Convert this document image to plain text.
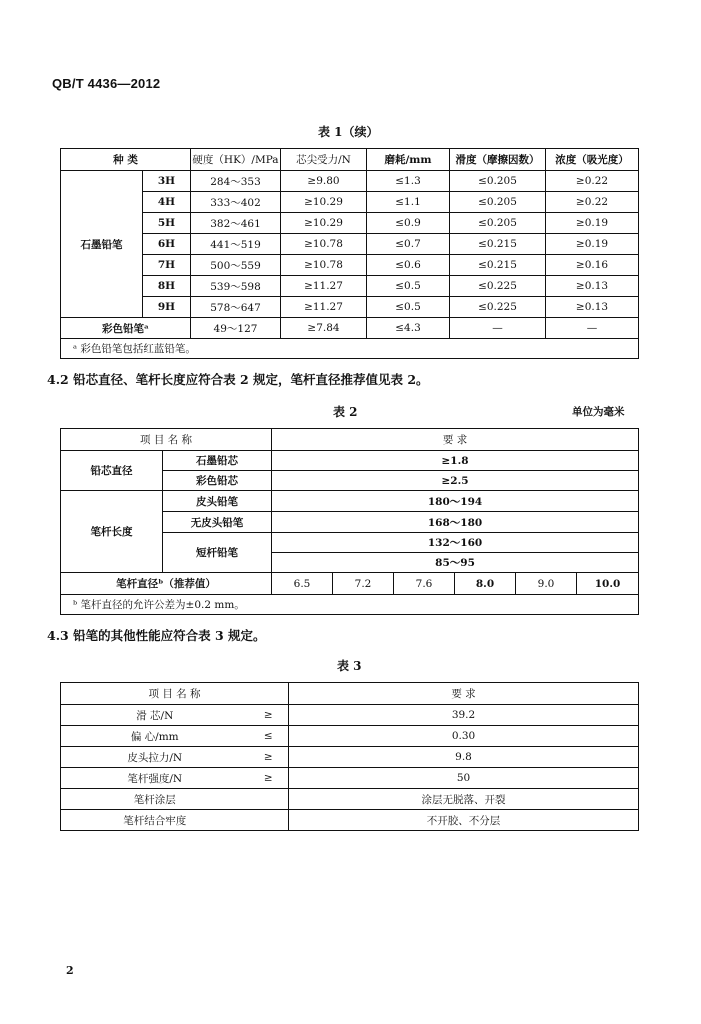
QB/T 4436—2012
表 1（续）
种 类		硬度（HK）/MPa	芯尖受力/N	磨耗/mm	滑度（摩擦因数）	浓度（吸光度）
石墨铅笔	3H	284～353	≥9.80	≤1.3	≤0.205	≥0.22
	4H	333～402	≥10.29	≤1.1	≤0.205	≥0.22
	5H	382～461	≥10.29	≤0.9	≤0.205	≥0.19
	6H	441～519	≥10.78	≤0.7	≤0.215	≥0.19
	7H	500～559	≥10.78	≤0.6	≤0.215	≥0.16
	8H	539～598	≥11.27	≤0.5	≤0.225	≥0.13
	9H	578～647	≥11.27	≤0.5	≤0.225	≥0.13
彩色铅笔ᵃ		49～127	≥7.84	≤4.3	—	—
ᵃ 彩色铅笔包括红蓝铅笔。						
4.2 铅芯直径、笔杆长度应符合表 2 规定，笔杆直径推荐值见表 2。
表 2	单位为毫米
项 目 名 称		要 求					
铅芯直径	石墨铅芯	≥1.8					
	彩色铅芯	≥2.5					
笔杆长度	皮头铅笔	180～194					
	无皮头铅笔	168～180					
	短杆铅笔	132～160					
		85～95					
笔杆直径ᵇ（推荐值）		6.5	7.2	7.6	8.0	9.0	10.0
ᵇ 笔杆直径的允许公差为±0.2 mm。							
4.3 铅笔的其他性能应符合表 3 规定。
表 3
项 目 名 称		要 求
滑 芯/N	≥	39.2
偏 心/mm	≤	0.30
皮头拉力/N	≥	9.8
笔杆强度/N	≥	50
笔杆涂层		涂层无脱落、开裂
笔杆结合牢度		不开胶、不分层
2
